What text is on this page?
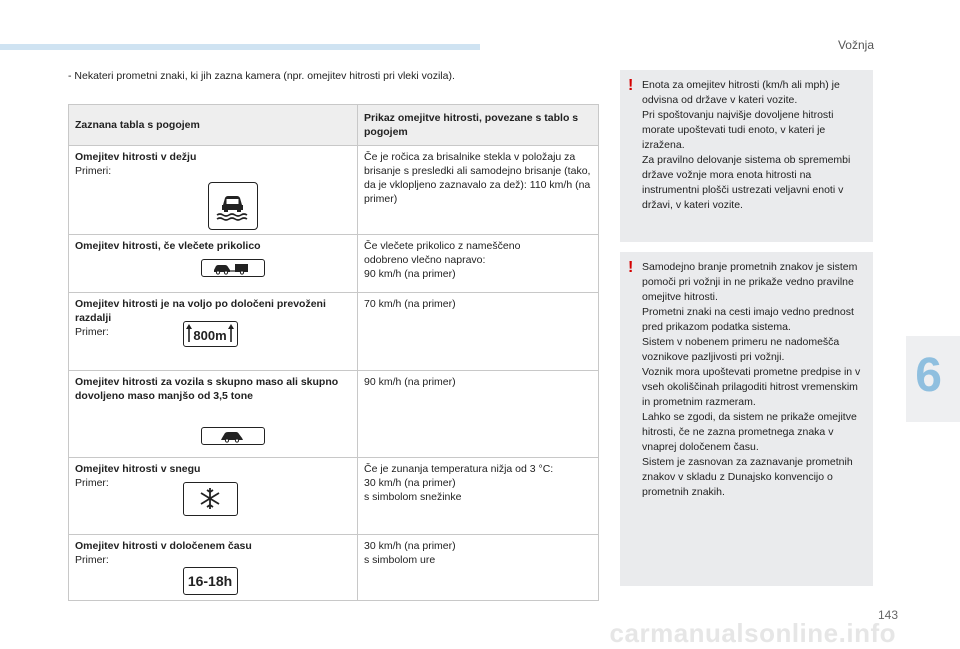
Vožnja
- Nekateri prometni znaki, ki jih zazna kamera (npr. omejitev hitrosti pri vleki vozila).
Zaznana tabla s pogojem	Prikaz omejitve hitrosti, povezane s tablo s pogojem

Omejitev hitrosti v dežju
Primeri:	Če je ročica za brisalnike stekla v položaju za brisanje s presledki ali samodejno brisanje (tako, da je vklopljeno zaznavalo za dež): 110 km/h (na primer)

Omejitev hitrosti, če vlečete prikolico	Če vlečete prikolico z nameščeno
odobreno vlečno napravo:
90 km/h (na primer)

Omejitev hitrosti je na voljo po določeni prevoženi razdalji
Primer: 800m	70 km/h (na primer)

Omejitev hitrosti za vozila s skupno maso ali skupno dovoljeno maso manjšo od 3,5 tone	90 km/h (na primer)

Omejitev hitrosti v snegu
Primer:	Če je zunanja temperatura nižja od 3 °C:
30 km/h (na primer)
s simbolom snežinke

Omejitev hitrosti v določenem času
Primer:
16-18h	30 km/h (na primer)
s simbolom ure
! Enota za omejitev hitrosti (km/h ali mph) je odvisna od države v kateri vozite.
Pri spoštovanju najvišje dovoljene hitrosti morate upoštevati tudi enoto, v kateri je izražena.
Za pravilno delovanje sistema ob spremembi države vožnje mora enota hitrosti na instrumentni plošči ustrezati veljavni enoti v državi, v kateri vozite.
! Samodejno branje prometnih znakov je sistem pomoči pri vožnji in ne prikaže vedno pravilne omejitve hitrosti.
Prometni znaki na cesti imajo vedno prednost pred prikazom podatka sistema.
Sistem v nobenem primeru ne nadomešča voznikove pazljivosti pri vožnji.
Voznik mora upoštevati prometne predpise in v vseh okoliščinah prilagoditi hitrost vremenskim in prometnim razmeram.
Lahko se zgodi, da sistem ne prikaže omejitve hitrosti, če ne zazna prometnega znaka v vnaprej določenem času.
Sistem je zasnovan za zaznavanje prometnih znakov v skladu z Dunajsko konvencijo o prometnih znakih.
6
143
carmanualsonline.info
